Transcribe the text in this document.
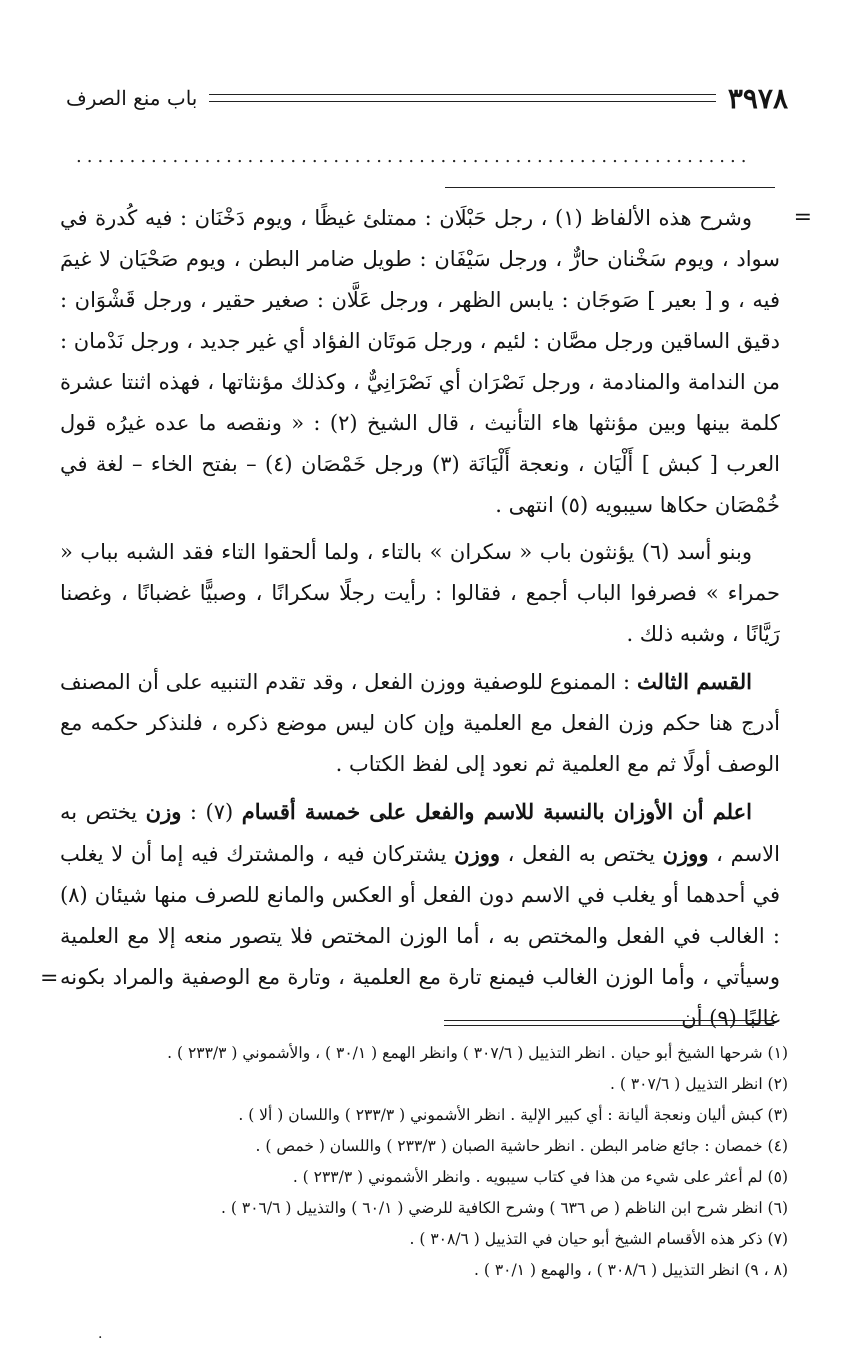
٣٩٧٨
باب منع الصرف
...............................................................
=

وشرح هذه الألفاظ (١) ، رجل حَبْلَان : ممتلئ غيظًا ، ويوم دَخْنَان : فيه كُدرة في سواد ، ويوم سَخْنان حارٌّ ، ورجل سَيْفَان : طويل ضامر البطن ، ويوم صَحْيَان لا غيمَ فيه ، و [ بعير ] صَوجَان : يابس الظهر ، ورجل عَلَّان : صغير حقير ، ورجل قَشْوَان : دقيق الساقين ورجل مصَّان : لئيم ، ورجل مَوتَان الفؤاد أي غير جديد ، ورجل نَدْمان : من الندامة والمنادمة ، ورجل نَصْرَان أي نَصْرَانِيٌّ ، وكذلك مؤنثاتها ، فهذه اثنتا عشرة كلمة بينها وبين مؤنثها هاء التأنيث ، قال الشيخ (٢) : « ونقصه ما عده غيرُه قول العرب [ كبش ] أَلْيَان ، ونعجة أَلْيَانَة (٣) ورجل خَمْصَان (٤) – بفتح الخاء – لغة في خُمْصَان حكاها سيبويه (٥) انتهى .

وبنو أسد (٦) يؤنثون باب « سكران » بالتاء ، ولما ألحقوا التاء فقد الشبه بباب « حمراء » فصرفوا الباب أجمع ، فقالوا : رأيت رجلًا سكرانًا ، وصبيًّا غضبانًا ، وغصنا رَيَّانًا ، وشبه ذلك .

القسم الثالث : الممنوع للوصفية ووزن الفعل ، وقد تقدم التنبيه على أن المصنف أدرج هنا حكم وزن الفعل مع العلمية وإن كان ليس موضع ذكره ، فلنذكر حكمه مع الوصف أولًا ثم مع العلمية ثم نعود إلى لفظ الكتاب .

اعلم أن الأوزان بالنسبة للاسم والفعل على خمسة أقسام (٧) : وزن يختص به الاسم ، ووزن يختص به الفعل ، ووزن يشتركان فيه ، والمشترك فيه إما أن لا يغلب في أحدهما أو يغلب في الاسم دون الفعل أو العكس والمانع للصرف منها شيئان (٨) : الغالب في الفعل والمختص به ، أما الوزن المختص فلا يتصور منعه إلا مع العلمية وسيأتي ، وأما الوزن الغالب فيمنع تارة مع العلمية ، وتارة مع الوصفية والمراد بكونه غالبًا (٩) أن

=
(١) شرحها الشيخ أبو حيان . انظر التذييل ( ٣٠٧/٦ ) وانظر الهمع ( ٣٠/١ ) ، والأشموني ( ٢٣٣/٣ ) .
(٢) انظر التذييل ( ٣٠٧/٦ ) .
(٣) كبش أليان ونعجة أليانة : أي كبير الإلية . انظر الأشموني ( ٢٣٣/٣ ) واللسان ( ألا ) .
(٤) خمصان : جائع ضامر البطن . انظر حاشية الصبان ( ٢٣٣/٣ ) واللسان ( خمص ) .
(٥) لم أعثر على شيء من هذا في كتاب سيبويه . وانظر الأشموني ( ٢٣٣/٣ ) .
(٦) انظر شرح ابن الناظم ( ص ٦٣٦ ) وشرح الكافية للرضي ( ٦٠/١ ) والتذييل ( ٣٠٦/٦ ) .
(٧) ذكر هذه الأقسام الشيخ أبو حيان في التذييل ( ٣٠٨/٦ ) .
(٨ ، ٩) انظر التذييل ( ٣٠٨/٦ ) ، والهمع ( ٣٠/١ ) .
.
